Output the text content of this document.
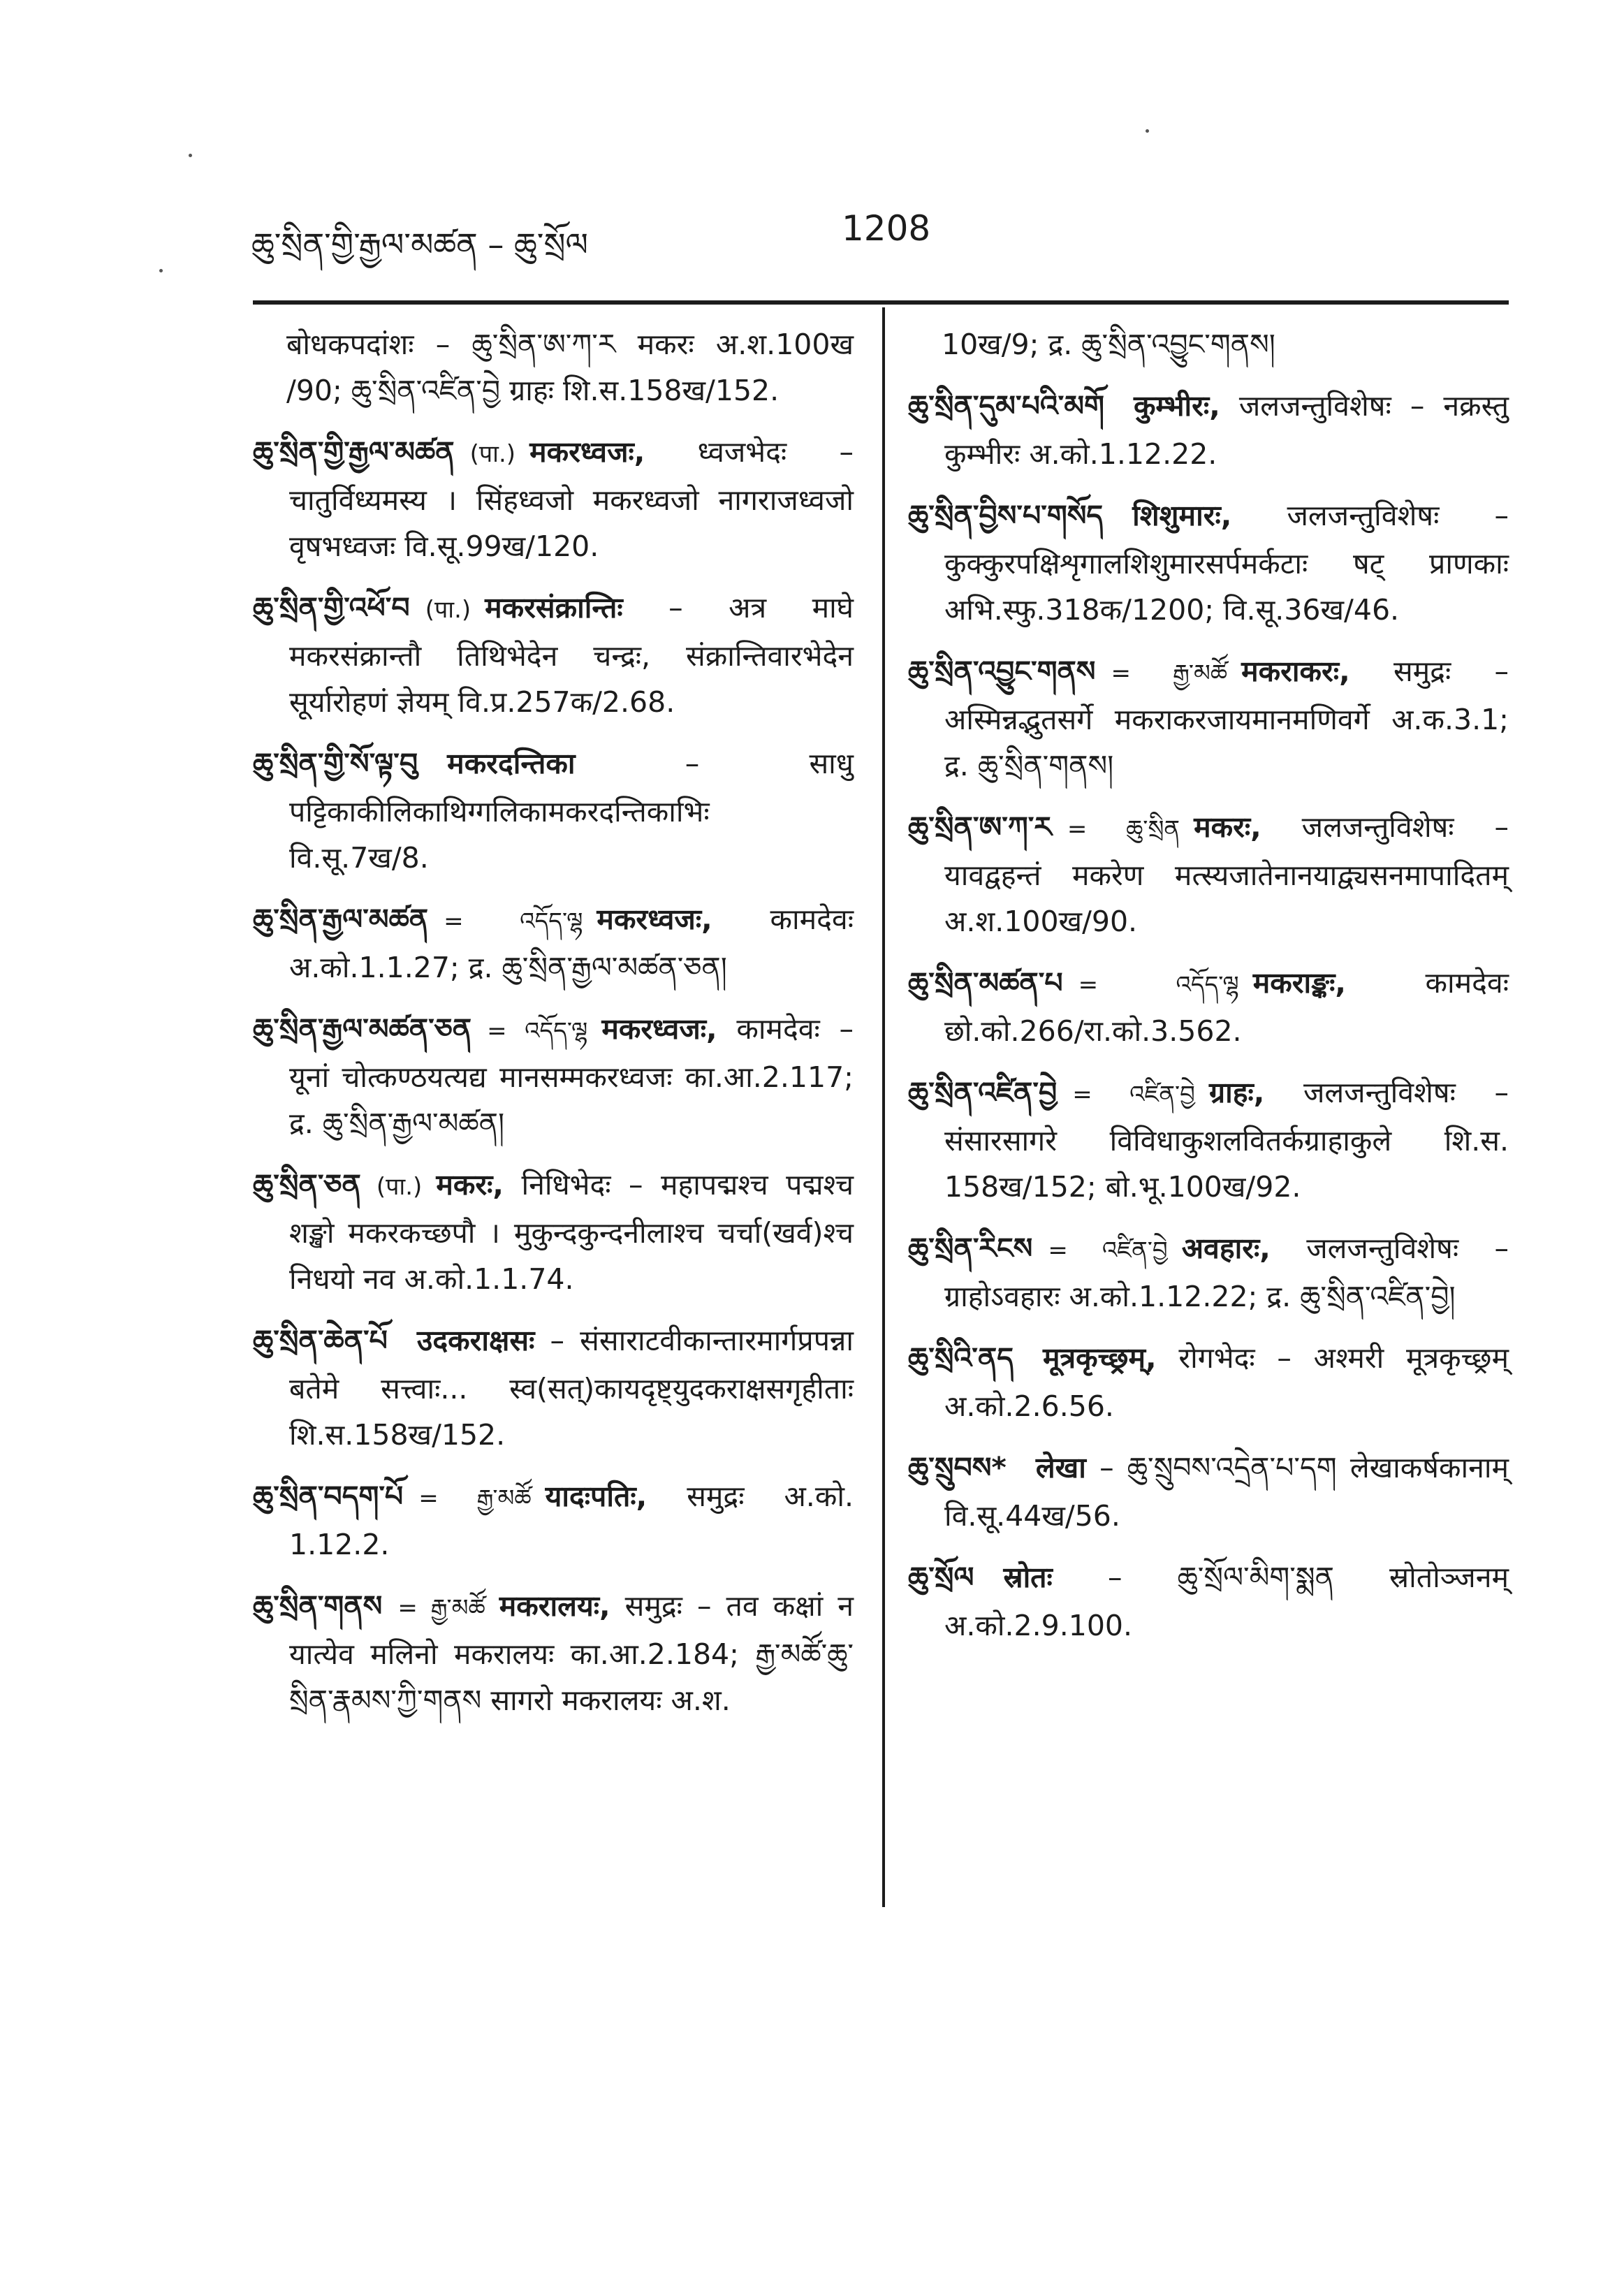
ཆུ་སྲིན་གྱི་རྒྱལ་མཚན – ཆུ་སྲོལ	1208

बोधकपदांशः – ཆུ་སྲིན་ཨ་ཀ་ར मकरः अ.श.100ख /90; ཆུ་སྲིན་འཛིན་བྱེ ग्राहः शि.स.158ख/152.

ཆུ་སྲིན་གྱི་རྒྱལ་མཚན (पा.) मकरध्वजः, ध्वजभेदः – चातुर्विध्यमस्य । सिंहध्वजो मकरध्वजो नागराजध्वजो वृषभध्वजः वि.सू.99ख/120.

ཆུ་སྲིན་གྱི་འཕོ་བ (पा.) मकरसंक्रान्तिः – अत्र माघे मकरसंक्रान्तौ तिथिभेदेन चन्द्रः, संक्रान्तिवारभेदेन सूर्यारोहणं ज्ञेयम् वि.प्र.257क/2.68.

ཆུ་སྲིན་གྱི་སོ་ལྟ་བུ मकरदन्तिका	– साधु पट्टिकाकीलिकाथिग्गलिकामकरदन्तिकाभिः वि.सू.7ख/8.

ཆུ་སྲིན་རྒྱལ་མཚན = འདོད་ལྷ मकरध्वजः, कामदेवः अ.को.1.1.27; द्र. ཆུ་སྲིན་རྒྱལ་མཚན་ཅན།

ཆུ་སྲིན་རྒྱལ་མཚན་ཅན = འདོད་ལྷ मकरध्वजः, कामदेवः – यूनां चोत्कण्ठयत्यद्य मानसम्मकरध्वजः का.आ.2.117; द्र. ཆུ་སྲིན་རྒྱལ་མཚན།

ཆུ་སྲིན་ཅན (पा.) मकरः, निधिभेदः – महापद्मश्च पद्मश्च शङ्खो मकरकच्छपौ । मुकुन्दकुन्दनीलाश्च चर्चा(खर्व)श्च निधयो नव अ.को.1.1.74.

ཆུ་སྲིན་ཆེན་པོ उदकराक्षसः – संसाराटवीकान्तारमार्गप्रपन्ना बतेमे सत्त्वाः... स्व(सत्)कायदृष्ट्युदकराक्षसगृहीताः शि.स.158ख/152.

ཆུ་སྲིན་བདག་པོ = རྒྱ་མཚོ यादःपतिः, समुद्रः अ.को. 1.12.2.

ཆུ་སྲིན་གནས = རྒྱ་མཚོ मकरालयः, समुद्रः – तव कक्षां न यात्येव मलिनो मकरालयः का.आ.2.184; རྒྱ་མཚོ་ཆུ་སྲིན་རྣམས་ཀྱི་གནས सागरो मकरालयः अ.श.

10ख/9; द्र. ཆུ་སྲིན་འབྱུང་གནས།

ཆུ་སྲིན་དུམ་པའི་མགོ कुम्भीरः, जलजन्तुविशेषः – नक्रस्तु कुम्भीरः अ.को.1.12.22.

ཆུ་སྲིན་བྱིས་པ་གསོད शिशुमारः, जलजन्तुविशेषः – कुक्कुरपक्षिशृगालशिशुमारसर्पमर्कटाः षट् प्राणकाः अभि.स्फु.318क/1200; वि.सू.36ख/46.

ཆུ་སྲིན་འབྱུང་གནས = རྒྱ་མཚོ मकराकरः, समुद्रः – अस्मिन्नद्भुतसर्गे मकराकरजायमानमणिवर्गे अ.क.3.1; द्र. ཆུ་སྲིན་གནས།

ཆུ་སྲིན་ཨ་ཀ་ར = ཆུ་སྲིན मकरः, जलजन्तुविशेषः – यावद्वहन्तं मकरेण मत्स्यजातेनानयाद्व्यसनमापादितम् अ.श.100ख/90.

ཆུ་སྲིན་མཚན་པ = འདོད་ལྷ मकराङ्कः,	कामदेवः छो.को.266/रा.को.3.562.

ཆུ་སྲིན་འཛིན་བྱེ = འཛིན་བྱེ ग्राहः, जलजन्तुविशेषः – संसारसागरे विविधाकुशलवितर्कग्राहाकुले शि.स. 158ख/152; बो.भू.100ख/92.

ཆུ་སྲིན་རིངས = འཛིན་བྱེ अवहारः, जलजन्तुविशेषः – ग्राहोऽवहारः अ.को.1.12.22; द्र. ཆུ་སྲིན་འཛིན་བྱེ།

ཆུ་སྲིའི་ནད मूत्रकृच्छ्रम्, रोगभेदः – अश्मरी मूत्रकृच्छ्रम् अ.को.2.6.56.

ཆུ་སྲུབས* लेखा – ཆུ་སྲུབས་འདྲེན་པ་དག लेखाकर्षकानाम् वि.सू.44ख/56.

ཆུ་སྲོལ स्रोतः – ཆུ་སྲོལ་མིག་སྨན स्रोतोञ्जनम् अ.को.2.9.100.
